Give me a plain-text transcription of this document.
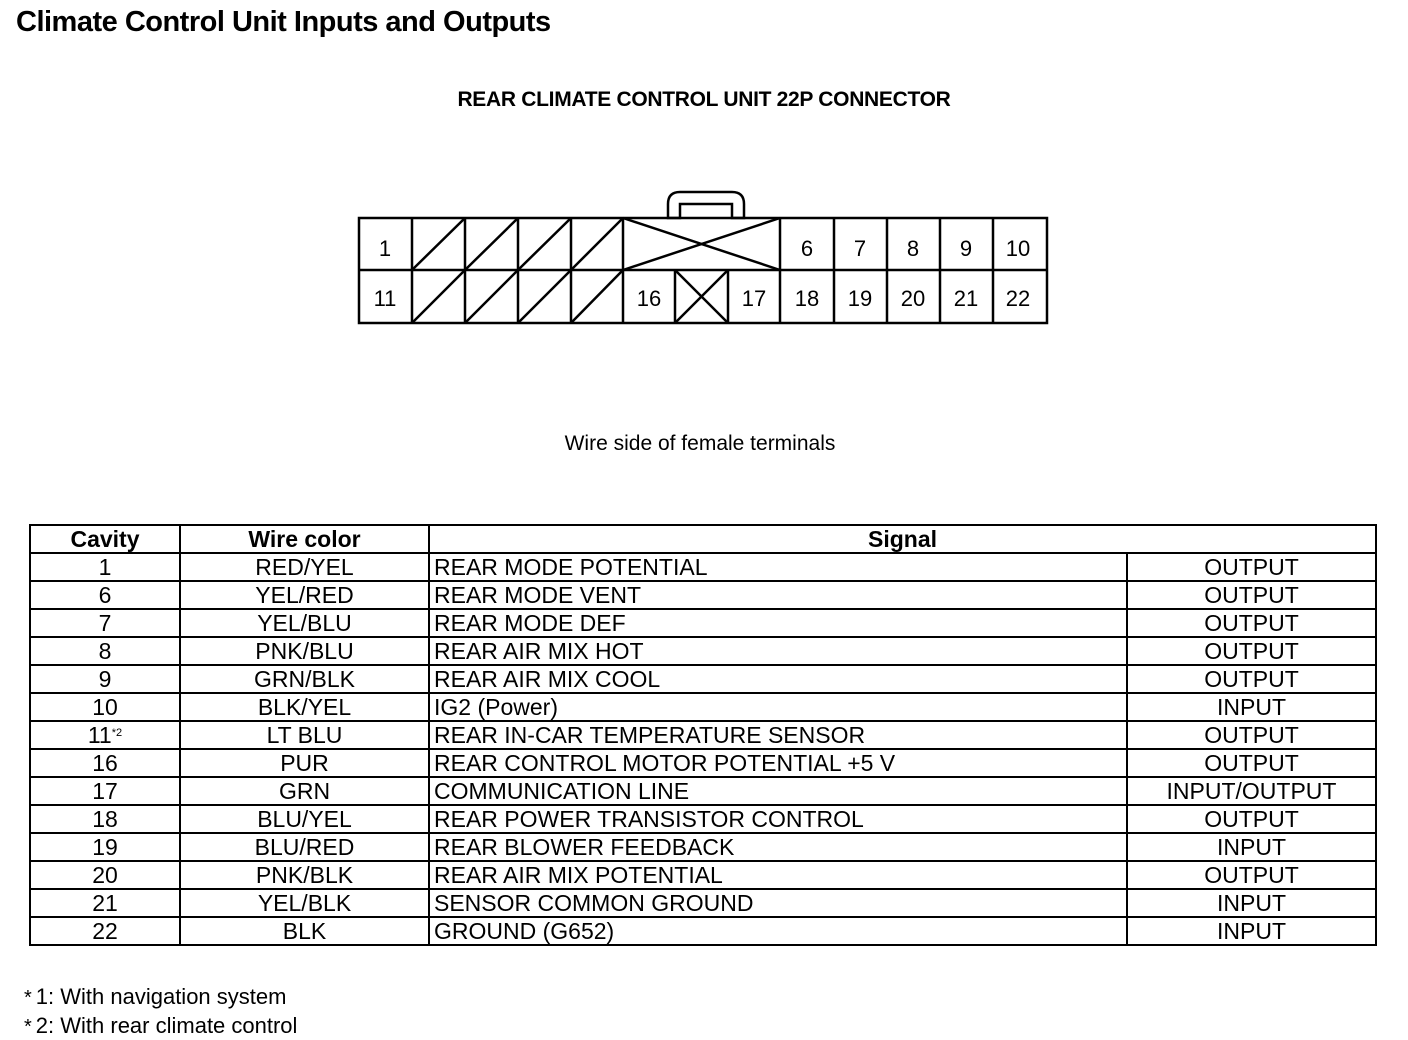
Climate Control Unit Inputs and Outputs
REAR CLIMATE CONTROL UNIT 22P CONNECTOR
1	6 7 8 9 10
11	16	17 18 19 20 21 22
Wire side of female terminals
Cavity	Wire color	Signal	
1	RED/YEL	REAR MODE POTENTIAL	OUTPUT
6	YEL/RED	REAR MODE VENT	OUTPUT
7	YEL/BLU	REAR MODE DEF	OUTPUT
8	PNK/BLU	REAR AIR MIX HOT	OUTPUT
9	GRN/BLK	REAR AIR MIX COOL	OUTPUT
10	BLK/YEL	IG2 (Power)	INPUT
11$^{*2}$	LT BLU	REAR IN-CAR TEMPERATURE SENSOR	OUTPUT
16	PUR	REAR CONTROL MOTOR POTENTIAL +5 V	OUTPUT
17	GRN	COMMUNICATION LINE	INPUT/OUTPUT
18	BLU/YEL	REAR POWER TRANSISTOR CONTROL	OUTPUT
19	BLU/RED	REAR BLOWER FEEDBACK	INPUT
20	PNK/BLK	REAR AIR MIX POTENTIAL	OUTPUT
21	YEL/BLK	SENSOR COMMON GROUND	INPUT
22	BLK	GROUND (G652)	INPUT
* 1: With navigation system
* 2: With rear climate control
